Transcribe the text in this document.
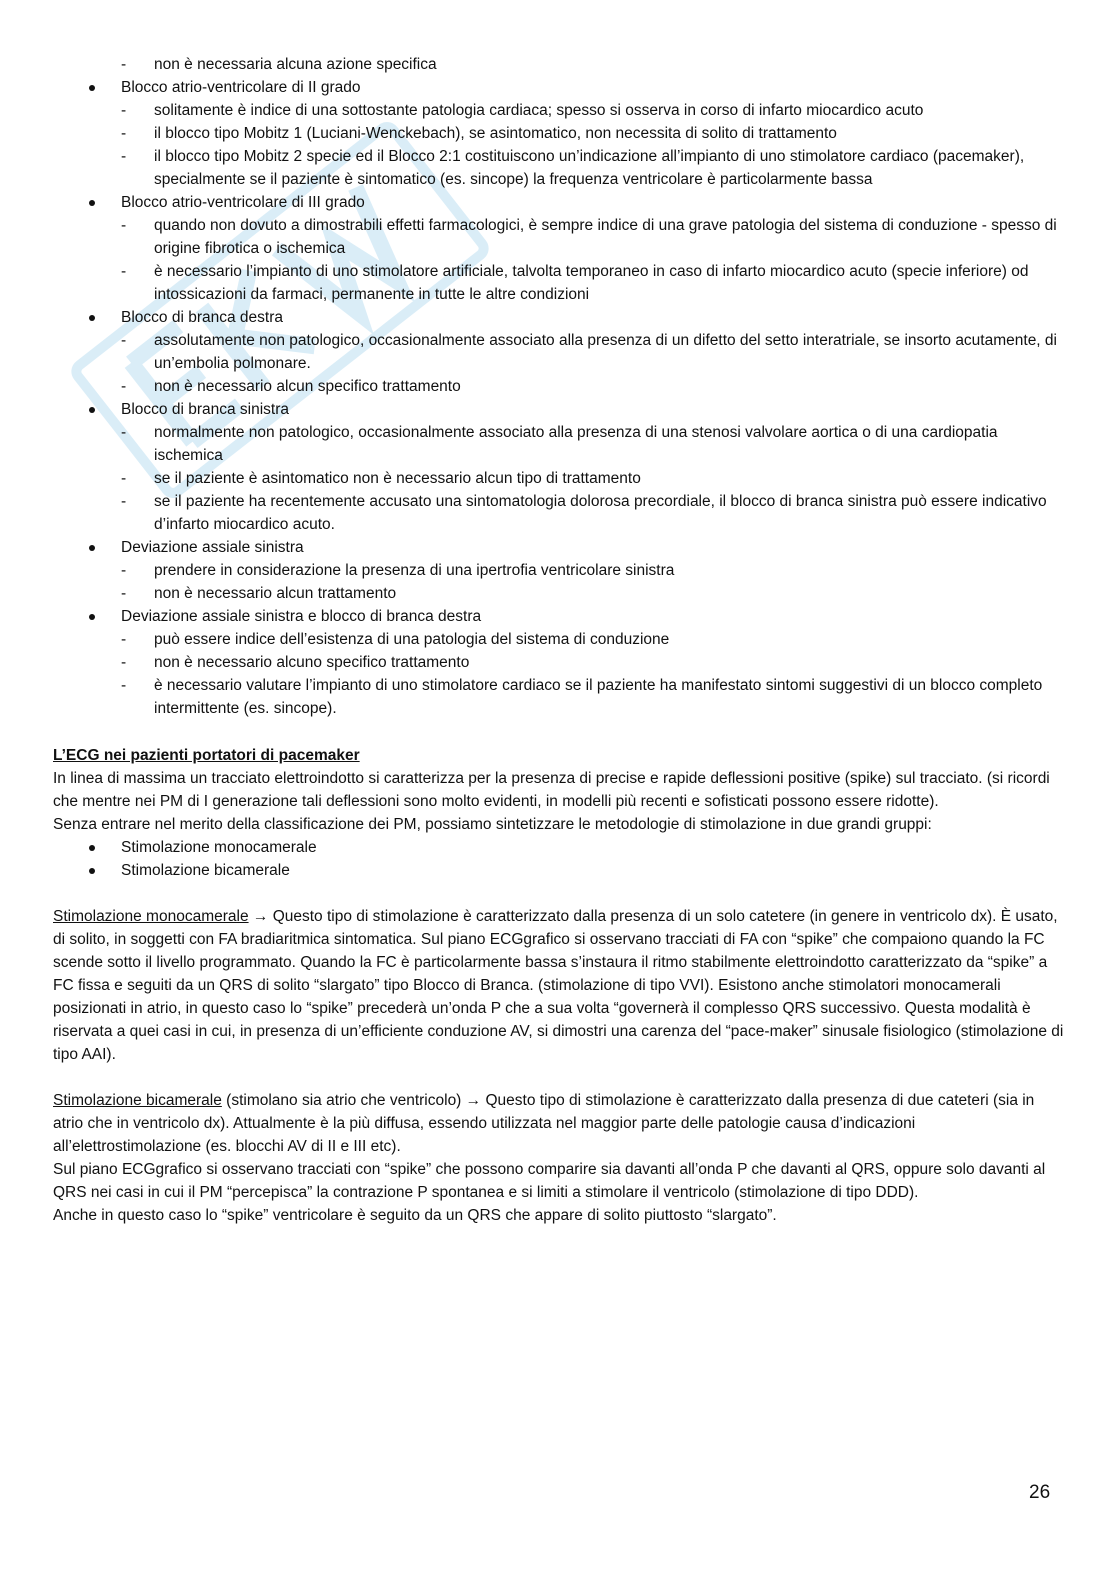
- non è necessaria alcuna azione specifica
Blocco atrio-ventricolare di II grado
- solitamente è indice di una sottostante patologia cardiaca; spesso si osserva in corso di infarto miocardico acuto
- il blocco tipo Mobitz 1 (Luciani-Wenckebach), se asintomatico, non necessita di solito di trattamento
- il blocco tipo Mobitz 2 specie ed il Blocco 2:1 costituiscono un’indicazione all’impianto di uno stimolatore cardiaco (pacemaker), specialmente se il paziente è sintomatico (es. sincope) la frequenza ventricolare è particolarmente bassa
Blocco atrio-ventricolare di III grado
- quando non dovuto a dimostrabili effetti farmacologici, è sempre indice di una grave patologia del sistema di conduzione - spesso di origine fibrotica o ischemica
- è necessario l’impianto di uno stimolatore artificiale, talvolta temporaneo in caso di infarto miocardico acuto (specie inferiore) od intossicazioni da farmaci, permanente in tutte le altre condizioni
Blocco di branca destra
- assolutamente non patologico, occasionalmente associato alla presenza di un difetto del setto interatriale, se insorto acutamente, di un’embolia polmonare.
- non è necessario alcun specifico trattamento
Blocco di branca sinistra
- normalmente non patologico, occasionalmente associato alla presenza di una stenosi valvolare aortica o di una cardiopatia ischemica
- se il paziente è asintomatico non è necessario alcun tipo di trattamento
- se il paziente ha recentemente accusato una sintomatologia dolorosa precordiale, il blocco di branca sinistra può essere indicativo d’infarto miocardico acuto.
Deviazione assiale sinistra
- prendere in considerazione la presenza di una ipertrofia ventricolare sinistra
- non è necessario alcun trattamento
Deviazione assiale sinistra e blocco di branca destra
- può essere indice dell’esistenza di una patologia del sistema di conduzione
- non è necessario alcuno specifico trattamento
- è necessario valutare l’impianto di uno stimolatore cardiaco se il paziente ha manifestato sintomi suggestivi di un blocco completo intermittente (es. sincope).
L’ECG nei pazienti portatori di pacemaker

In linea di massima un tracciato elettroindotto si caratterizza per la presenza di precise e rapide deflessioni positive (spike) sul tracciato. (si ricordi che mentre nei PM di I generazione tali deflessioni sono molto evidenti, in modelli più recenti e sofisticati possono essere ridotte).

Senza entrare nel merito della classificazione dei PM, possiamo sintetizzare le metodologie di stimolazione in due grandi gruppi:

Stimolazione monocamerale
Stimolazione bicamerale

Stimolazione monocamerale → Questo tipo di stimolazione è caratterizzato dalla presenza di un solo catetere (in genere in ventricolo dx). È usato, di solito, in soggetti con FA bradiaritmica sintomatica. Sul piano ECGgrafico si osservano tracciati di FA con “spike” che compaiono quando la FC scende sotto il livello programmato. Quando la FC è particolarmente bassa s’instaura il ritmo stabilmente elettroindotto caratterizzato da “spike” a FC fissa e seguiti da un QRS di solito “slargato” tipo Blocco di Branca. (stimolazione di tipo VVI). Esistono anche stimolatori monocamerali posizionati in atrio, in questo caso lo “spike” precederà un’onda P che a sua volta “governerà il complesso QRS successivo. Questa modalità è riservata a quei casi in cui, in presenza di un’efficiente conduzione AV, si dimostri una carenza del “pace-maker” sinusale fisiologico (stimolazione di tipo AAI).

Stimolazione bicamerale (stimolano sia atrio che ventricolo) → Questo tipo di stimolazione è caratterizzato dalla presenza di due cateteri (sia in atrio che in ventricolo dx). Attualmente è la più diffusa, essendo utilizzata nel maggior parte delle patologie causa d’indicazioni all’elettrostimolazione (es. blocchi AV di II e III etc).

Sul piano ECGgrafico si osservano tracciati con “spike” che possono comparire sia davanti all’onda P che davanti al QRS, oppure solo davanti al QRS nei casi in cui il PM “percepisca” la contrazione P spontanea e si limiti a stimolare il ventricolo (stimolazione di tipo DDD).

Anche in questo caso lo “spike” ventricolare è seguito da un QRS che appare di solito piuttosto “slargato”.

26
